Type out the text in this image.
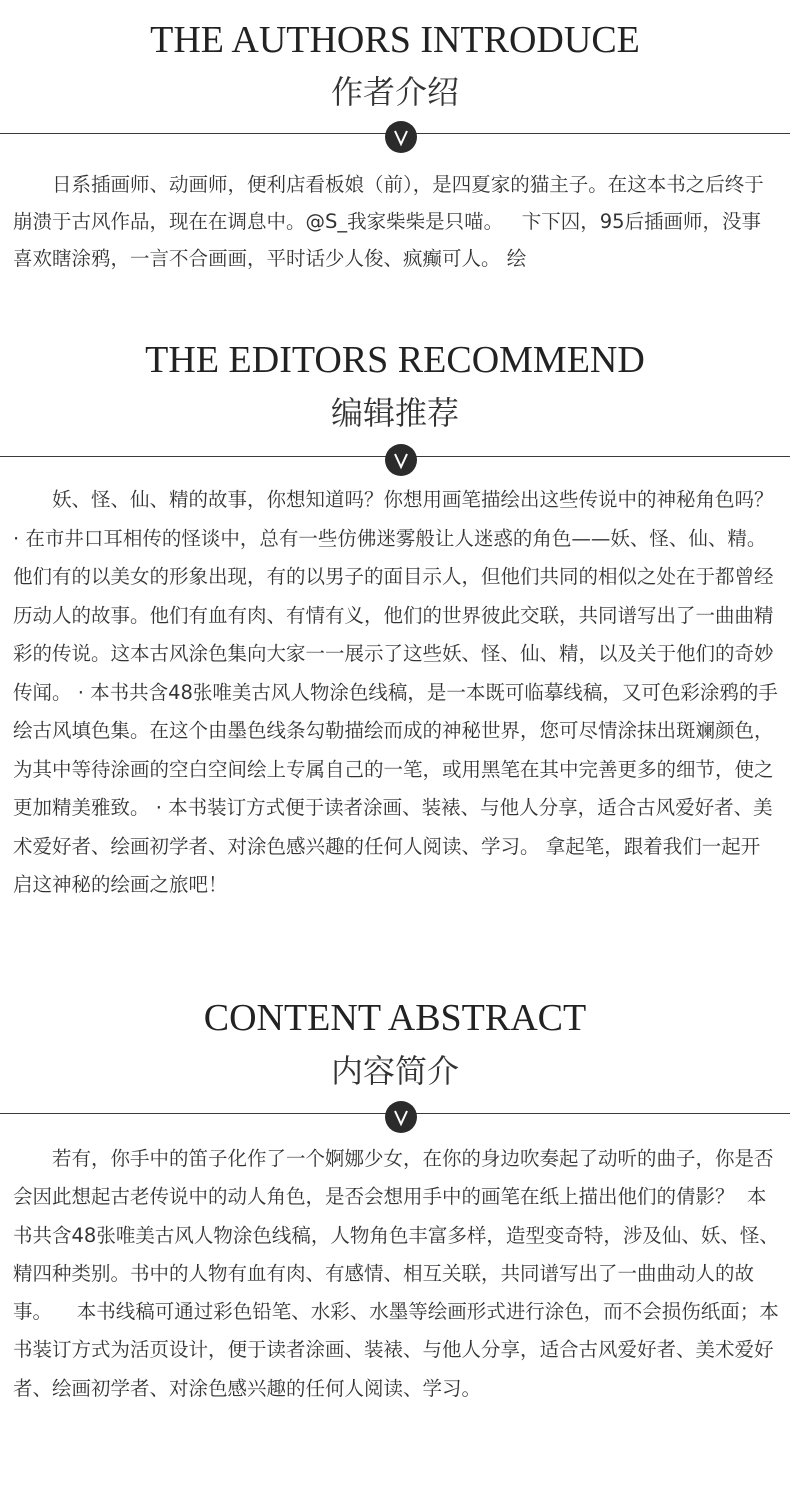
THE AUTHORS INTRODUCE
作者介绍

日系插画师、动画师，便利店看板娘（前），是四夏家的猫主子。在这本书之后终于崩溃于古风作品，现在在调息中。@S_我家柴柴是只喵。   卞下囚，95后插画师，没事喜欢瞎涂鸦，一言不合画画，平时话少人俊、疯癫可人。 绘

THE EDITORS RECOMMEND
编辑推荐

妖、怪、仙、精的故事，你想知道吗？你想用画笔描绘出这些传说中的神秘角色吗？ · 在市井口耳相传的怪谈中，总有一些仿佛迷雾般让人迷惑的角色——妖、怪、仙、精。他们有的以美女的形象出现，有的以男子的面目示人，但他们共同的相似之处在于都曾经历动人的故事。他们有血有肉、有情有义，他们的世界彼此交联，共同谱写出了一曲曲精彩的传说。这本古风涂色集向大家一一展示了这些妖、怪、仙、精，以及关于他们的奇妙传闻。 · 本书共含48张唯美古风人物涂色线稿，是一本既可临摹线稿，又可色彩涂鸦的手绘古风填色集。在这个由墨色线条勾勒描绘而成的神秘世界，您可尽情涂抹出斑斓颜色，为其中等待涂画的空白空间绘上专属自己的一笔，或用黑笔在其中完善更多的细节，使之更加精美雅致。 · 本书装订方式便于读者涂画、装裱、与他人分享，适合古风爱好者、美术爱好者、绘画初学者、对涂色感兴趣的任何人阅读、学习。 拿起笔，跟着我们一起开启这神秘的绘画之旅吧！

CONTENT ABSTRACT
内容简介

若有，你手中的笛子化作了一个婀娜少女，在你的身边吹奏起了动听的曲子，你是否会因此想起古老传说中的动人角色，是否会想用手中的画笔在纸上描出他们的倩影？  本书共含48张唯美古风人物涂色线稿，人物角色丰富多样，造型变奇特，涉及仙、妖、怪、精四种类别。书中的人物有血有肉、有感情、相互关联，共同谱写出了一曲曲动人的故事。    本书线稿可通过彩色铅笔、水彩、水墨等绘画形式进行涂色，而不会损伤纸面；本书装订方式为活页设计，便于读者涂画、装裱、与他人分享，适合古风爱好者、美术爱好者、绘画初学者、对涂色感兴趣的任何人阅读、学习。
